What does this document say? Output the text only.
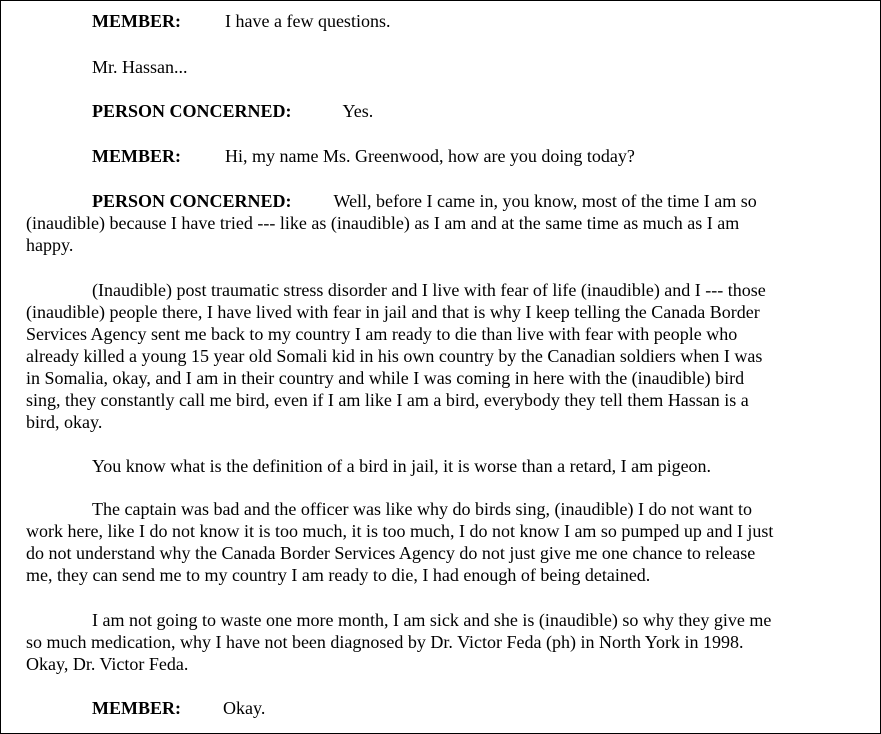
MEMBER: I have a few questions.
Mr. Hassan...
PERSON CONCERNED:	Yes.
MEMBER: Hi, my name Ms. Greenwood, how are you doing today?
PERSON CONCERNED: Well, before I came in, you know, most of the time I am so
(inaudible) because I have tried --- like as (inaudible) as I am and at the same time as much as I am
happy.
(Inaudible) post traumatic stress disorder and I live with fear of life (inaudible) and I --- those
(inaudible) people there, I have lived with fear in jail and that is why I keep telling the Canada Border
Services Agency sent me back to my country I am ready to die than live with fear with people who
already killed a young 15 year old Somali kid in his own country by the Canadian soldiers when I was
in Somalia, okay, and I am in their country and while I was coming in here with the (inaudible) bird
sing, they constantly call me bird, even if I am like I am a bird, everybody they tell them Hassan is a
bird, okay.
You know what is the definition of a bird in jail, it is worse than a retard, I am pigeon.
The captain was bad and the officer was like why do birds sing, (inaudible) I do not want to
work here, like I do not know it is too much, it is too much, I do not know I am so pumped up and I just
do not understand why the Canada Border Services Agency do not just give me one chance to release
me, they can send me to my country I am ready to die, I had enough of being detained.
I am not going to waste one more month, I am sick and she is (inaudible) so why they give me
so much medication, why I have not been diagnosed by Dr. Victor Feda (ph) in North York in 1998.
Okay, Dr. Victor Feda.
MEMBER: Okay.
